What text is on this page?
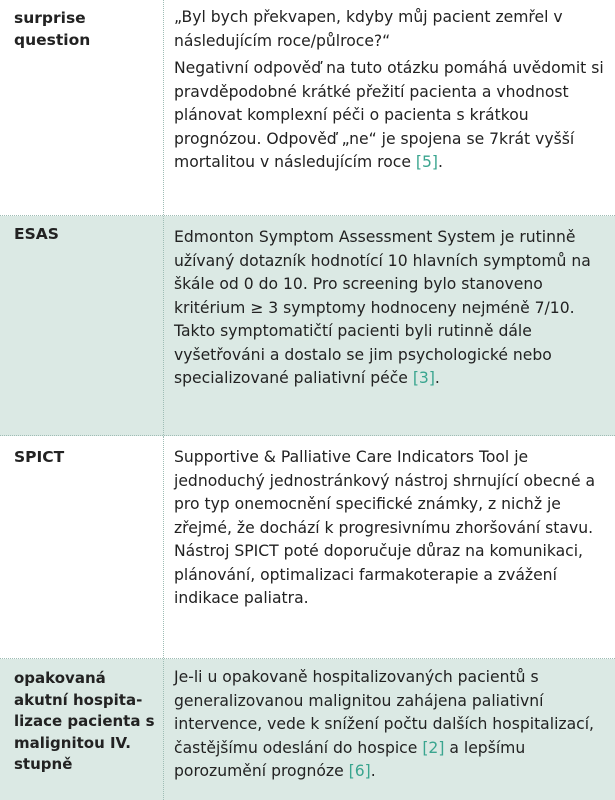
surprise question

„Byl bych překvapen, kdyby můj pacient zemřel v následujícím roce/půlroce?“

Negativní odpověď na tuto otázku pomáhá uvědomit si pravděpodobné krátké přežití pacienta a vhodnost plánovat komplexní péči o pacienta s krátkou prognózou. Odpověď „ne“ je spojena se 7krát vyšší mortalitou v následujícím roce [5].

ESAS	Edmonton Symptom Assessment System je rutinně užívaný dotazník hodnotící 10 hlavních symptomů na škále od 0 do 10. Pro screening bylo stanoveno kritérium ≥ 3 symptomy hodnoceny nejméně 7/10. Takto symptomatičtí pacienti byli rutinně dále vyšetřováni a dostalo se jim psychologické nebo specializované paliativní péče [3].

SPICT	Supportive & Palliative Care Indicators Tool je jednoduchý jednostránkový nástroj shrnující obecné a pro typ onemocnění specifické známky, z nichž je zřejmé, že dochází k progresivnímu zhoršování stavu. Nástroj SPICT poté doporučuje důraz na komunikaci, plánování, optimalizaci farmakoterapie a zvážení indikace paliatra.

opakovaná akutní hospita-lizace pacienta s malignitou IV. stupně

Je-li u opakovaně hospitalizovaných pacientů s generalizovanou malignitou zahájena paliativní intervence, vede k snížení počtu dalších hospitalizací, častějšímu odeslání do hospice [2] a lepšímu porozumění prognóze [6].
